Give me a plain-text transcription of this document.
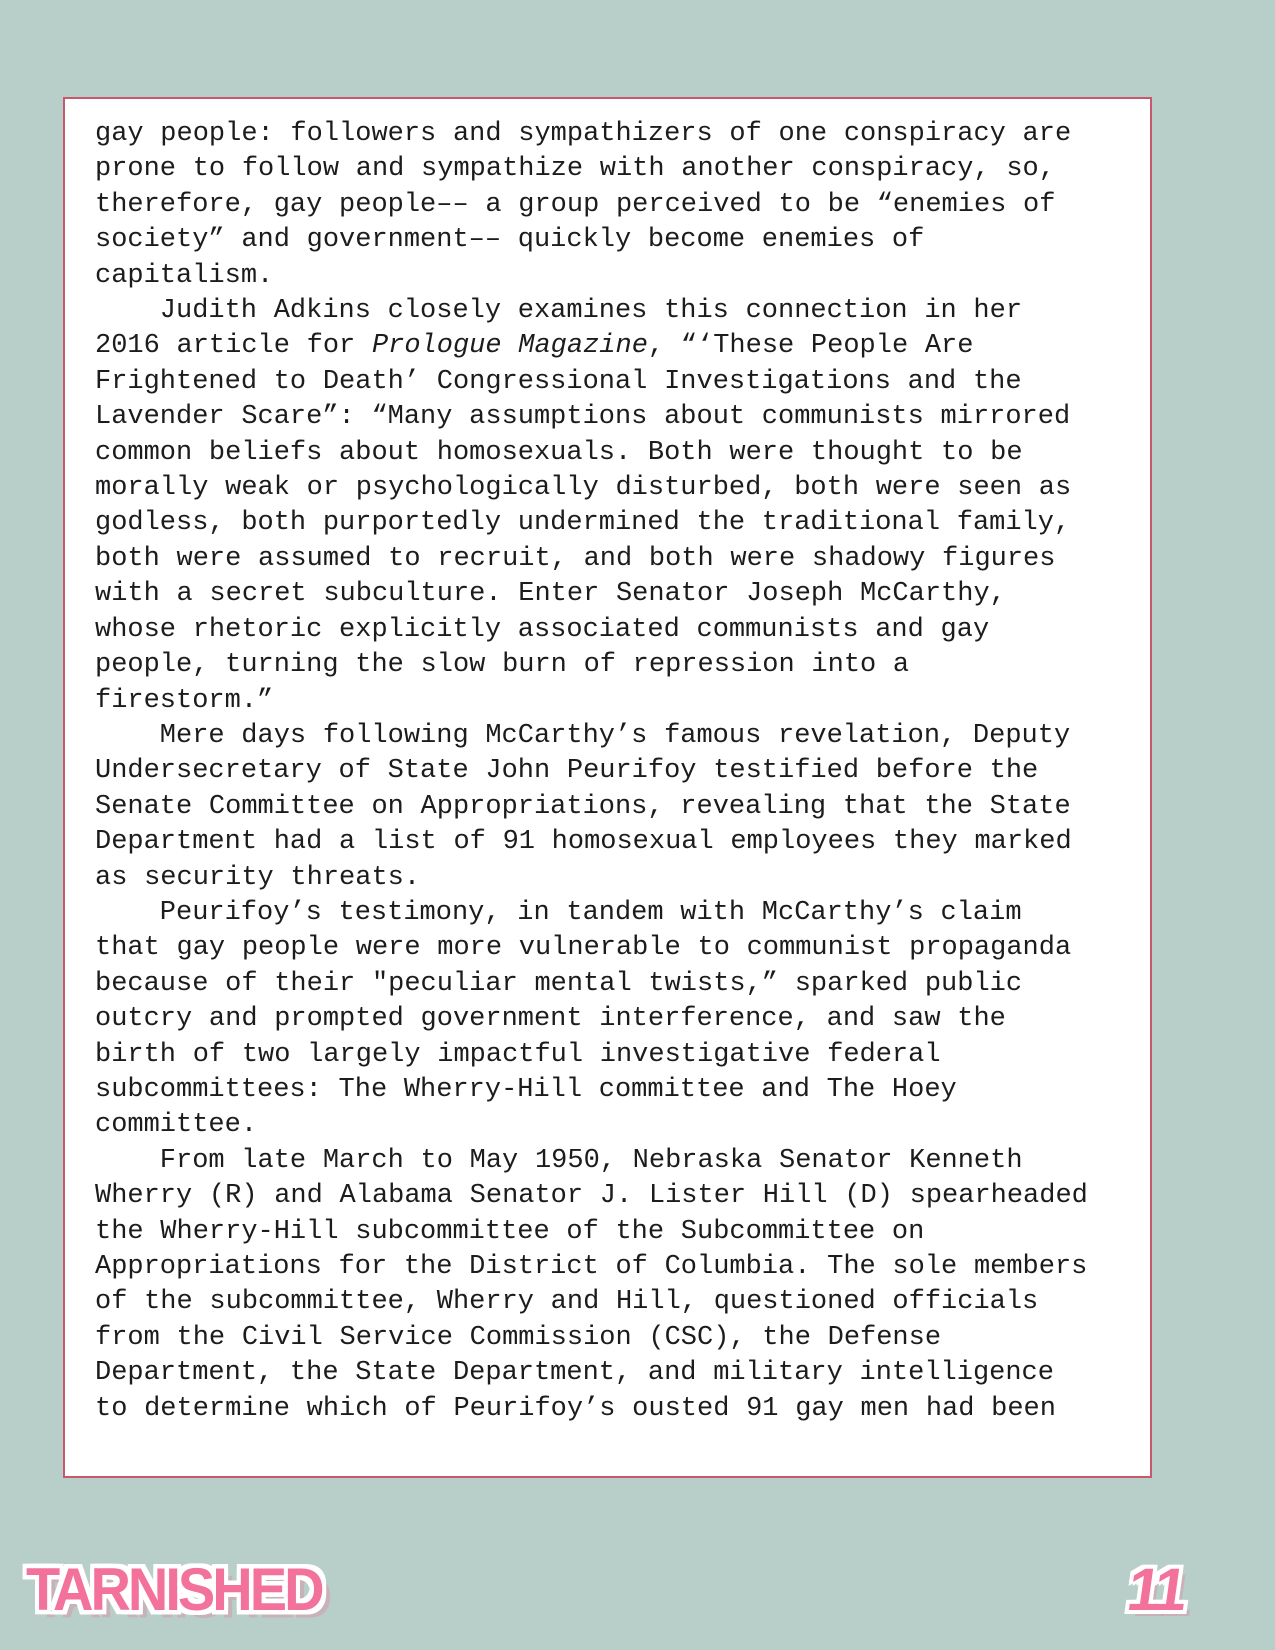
gay people: followers and sympathizers of one conspiracy are prone to follow and sympathize with another conspiracy, so, therefore, gay people–– a group perceived to be “enemies of society” and government–– quickly become enemies of capitalism.

Judith Adkins closely examines this connection in her 2016 article for Prologue Magazine, “‘These People Are Frightened to Death’ Congressional Investigations and the Lavender Scare”: “Many assumptions about communists mirrored common beliefs about homosexuals. Both were thought to be morally weak or psychologically disturbed, both were seen as godless, both purportedly undermined the traditional family, both were assumed to recruit, and both were shadowy figures with a secret subculture. Enter Senator Joseph McCarthy, whose rhetoric explicitly associated communists and gay people, turning the slow burn of repression into a firestorm.”

Mere days following McCarthy’s famous revelation, Deputy Undersecretary of State John Peurifoy testified before the Senate Committee on Appropriations, revealing that the State Department had a list of 91 homosexual employees they marked as security threats.

Peurifoy’s testimony, in tandem with McCarthy’s claim that gay people were more vulnerable to communist propaganda because of their "peculiar mental twists,” sparked public outcry and prompted government interference, and saw the birth of two largely impactful investigative federal subcommittees: The Wherry-Hill committee and The Hoey committee.

From late March to May 1950, Nebraska Senator Kenneth Wherry (R) and Alabama Senator J. Lister Hill (D) spearheaded the Wherry-Hill subcommittee of the Subcommittee on Appropriations for the District of Columbia. The sole members of the subcommittee, Wherry and Hill, questioned officials from the Civil Service Commission (CSC), the Defense Department, the State Department, and military intelligence to determine which of Peurifoy’s ousted 91 gay men had been

TARNISHED	11
